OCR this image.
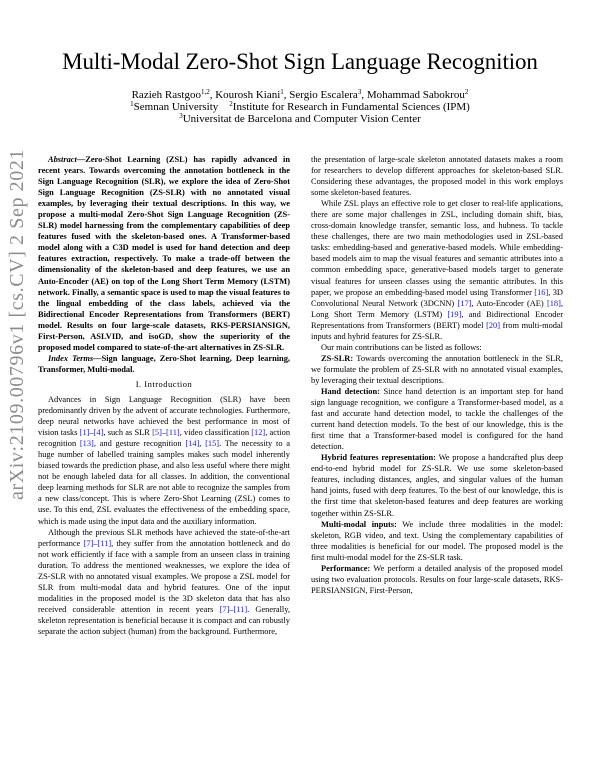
Multi-Modal Zero-Shot Sign Language Recognition
Razieh Rastgoo$^{1,2}$, Kourosh Kiani$^1$, Sergio Escalera$^3$, Mohammad Sabokrou$^2$
$^1$Semnan University $^2$Institute for Research in Fundamental Sciences (IPM)
$^3$Universitat de Barcelona and Computer Vision Center
arXiv:2109.00796v1 [cs.CV] 2 Sep 2021	Abstract—Zero-Shot Learning (ZSL) has rapidly advanced in recent years. Towards overcoming the annotation bottleneck in the Sign Language Recognition (SLR), we explore the idea of Zero-Shot Sign Language Recognition (ZS-SLR) with no annotated visual examples, by leveraging their textual descriptions. In this way, we propose a multi-modal Zero-Shot Sign Language Recognition (ZS-SLR) model harnessing from the complementary capabilities of deep features fused with the skeleton-based ones. A Transformer-based model along with a C3D model is used for hand detection and deep features extraction, respectively. To make a trade-off between the dimensionality of the skeleton-based and deep features, we use an Auto-Encoder (AE) on top of the Long Short Term Memory (LSTM) network. Finally, a semantic space is used to map the visual features to the lingual embedding of the class labels, achieved via the Bidirectional Encoder Representations from Transformers (BERT) model. Results on four large-scale datasets, RKS-PERSIANSIGN, First-Person, ASLVID, and isoGD, show the superiority of the proposed model compared to state-of-the-art alternatives in ZS-SLR.

Index Terms—Sign language, Zero-Shot learning, Deep learning, Transformer, Multi-modal.

I. Introduction

Advances in Sign Language Recognition (SLR) have been predominantly driven by the advent of accurate technologies. Furthermore, deep neural networks have achieved the best performance in most of vision tasks [1]–[4], such as SLR [5]–[11], video classification [12], action recognition [13], and gesture recognition [14], [15]. The necessity to a huge number of labelled training samples makes such model inherently biased towards the prediction phase, and also less useful where there might not be enough labeled data for all classes. In addition, the conventional deep learning methods for SLR are not able to recognize the samples from a new class/concept. This is where Zero-Shot Learning (ZSL) comes to use. To this end, ZSL evaluates the effectiveness of the embedding space, which is made using the input data and the auxiliary information.

Although the previous SLR methods have achieved the state-of-the-art performance [7]–[11], they suffer from the annotation bottleneck and do not work efficiently if face with a sample from an unseen class in training duration. To address the mentioned weaknesses, we explore the idea of ZS-SLR with no annotated visual examples. We propose a ZSL model for SLR from multi-modal data and hybrid features. One of the input modalities in the proposed model is the 3D skeleton data that has also received considerable attention in recent years [7]–[11]. Generally, skeleton representation is beneficial because it is compact and can robustly separate the action subject (human) from the background. Furthermore,

the presentation of large-scale skeleton annotated datasets makes a room for researchers to develop different approaches for skeleton-based SLR. Considering these advantages, the proposed model in this work employs some skeleton-based features.

While ZSL plays an effective role to get closer to real-life applications, there are some major challenges in ZSL, including domain shift, bias, cross-domain knowledge transfer, semantic loss, and hubness. To tackle these challenges, there are two main methodologies used in ZSL-based tasks: embedding-based and generative-based models. While embedding-based models aim to map the visual features and semantic attributes into a common embedding space, generative-based models target to generate visual features for unseen classes using the semantic attributes. In this paper, we propose an embedding-based model using Transformer [16], 3D Convolutional Neural Network (3DCNN) [17], Auto-Encoder (AE) [18], Long Short Term Memory (LSTM) [19], and Bidirectional Encoder Representations from Transformers (BERT) model [20] from multi-modal inputs and hybrid features for ZS-SLR.

Our main contributions can be listed as follows:

ZS-SLR: Towards overcoming the annotation bottleneck in the SLR, we formulate the problem of ZS-SLR with no annotated visual examples, by leveraging their textual descriptions.

Hand detection: Since hand detection is an important step for hand sign language recognition, we configure a Transformer-based model, as a fast and accurate hand detection model, to tackle the challenges of the current hand detection models. To the best of our knowledge, this is the first time that a Transformer-based model is configured for the hand detection.

Hybrid features representation: We propose a handcrafted plus deep end-to-end hybrid model for ZS-SLR. We use some skeleton-based features, including distances, angles, and singular values of the human hand joints, fused with deep features. To the best of our knowledge, this is the first time that skeleton-based features and deep features are working together within ZS-SLR.

Multi-modal inputs: We include three modalities in the model: skeleton, RGB video, and text. Using the complementary capabilities of three modalities is beneficial for our model. The proposed model is the first multi-modal model for the ZS-SLR task.

Performance: We perform a detailed analysis of the proposed model using two evaluation protocols. Results on four large-scale datasets, RKS-PERSIANSIGN, First-Person,
